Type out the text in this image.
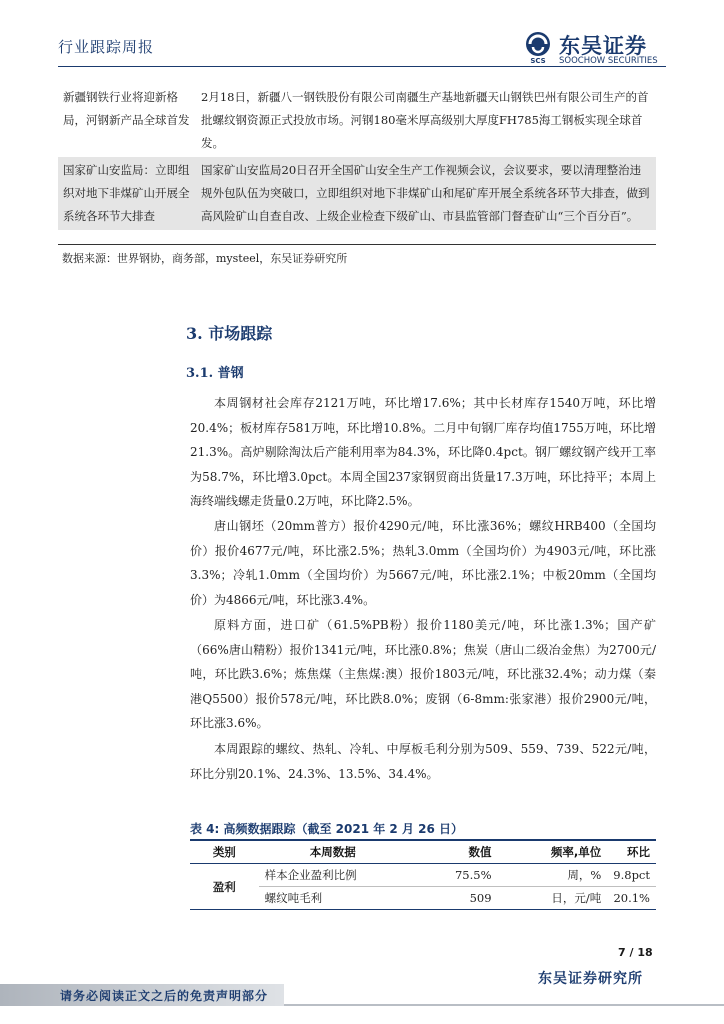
行业跟踪周报
SCS
东吴证券
SOOCHOW SECURITIES
新疆钢铁行业将迎新格局，河钢新产品全球首发	2月18日，新疆八一钢铁股份有限公司南疆生产基地新疆天山钢铁巴州有限公司生产的首批螺纹钢资源正式投放市场。河钢180毫米厚高级别大厚度FH785海工钢板实现全球首发。
国家矿山安监局：立即组织对地下非煤矿山开展全系统各环节大排查	国家矿山安监局20日召开全国矿山安全生产工作视频会议，会议要求，要以清理整治违规外包队伍为突破口，立即组织对地下非煤矿山和尾矿库开展全系统各环节大排查，做到高风险矿山自查自改、上级企业检查下级矿山、市县监管部门督查矿山“三个百分百”。
数据来源：世界钢协，商务部，mysteel，东吴证券研究所
3. 市场跟踪
3.1. 普钢
本周钢材社会库存2121万吨，环比增17.6%；其中长材库存1540万吨，环比增20.4%；板材库存581万吨，环比增10.8%。二月中旬钢厂库存均值1755万吨，环比增21.3%。高炉剔除淘汰后产能利用率为84.3%，环比降0.4pct。钢厂螺纹钢产线开工率为58.7%，环比增3.0pct。本周全国237家钢贸商出货量17.3万吨，环比持平；本周上海终端线螺走货量0.2万吨，环比降2.5%。
唐山钢坯（20mm普方）报价4290元/吨，环比涨36%；螺纹HRB400（全国均价）报价4677元/吨，环比涨2.5%；热轧3.0mm（全国均价）为4903元/吨，环比涨3.3%；冷轧1.0mm（全国均价）为5667元/吨，环比涨2.1%；中板20mm（全国均价）为4866元/吨，环比涨3.4%。
原料方面，进口矿（61.5%PB粉）报价1180美元/吨，环比涨1.3%；国产矿（66%唐山精粉）报价1341元/吨，环比涨0.8%；焦炭（唐山二级冶金焦）为2700元/吨，环比跌3.6%；炼焦煤（主焦煤:澳）报价1803元/吨，环比涨32.4%；动力煤（秦港Q5500）报价578元/吨，环比跌8.0%；废钢（6-8mm:张家港）报价2900元/吨，环比涨3.6%。
本周跟踪的螺纹、热轧、冷轧、中厚板毛利分别为509、559、739、522元/吨，环比分别20.1%、24.3%、13.5%、34.4%。
表 4: 高频数据跟踪（截至 2021 年 2 月 26 日）
类别	本周数据	数值	频率,单位	环比
盈利	样本企业盈利比例	75.5%	周，%	9.8pct
	螺纹吨毛利	509	日，元/吨	20.1%
7 / 18
东吴证券研究所
请务必阅读正文之后的免责声明部分
